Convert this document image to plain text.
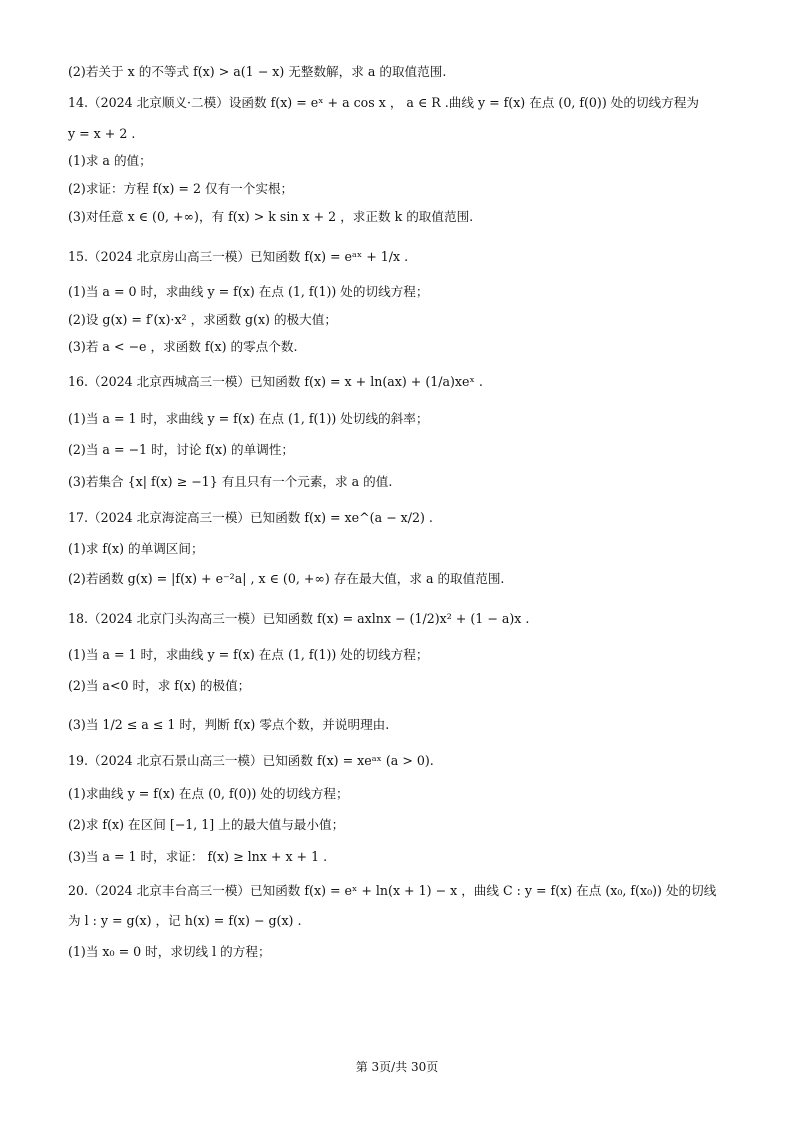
(2)若关于 x 的不等式 f(x) > a(1 − x) 无整数解，求 a 的取值范围.
14.（2024 北京顺义·二模）设函数 f(x) = eˣ + a cos x ， a ∈ R .曲线 y = f(x) 在点 (0, f(0)) 处的切线方程为
y = x + 2 .
(1)求 a 的值；
(2)求证：方程 f(x) = 2 仅有一个实根；
(3)对任意 x ∈ (0, +∞)，有 f(x) > k sin x + 2 ，求正数 k 的取值范围.
15.（2024 北京房山高三一模）已知函数 f(x) = eᵃˣ + 1/x .
(1)当 a = 0 时，求曲线 y = f(x) 在点 (1, f(1)) 处的切线方程；
(2)设 g(x) = f′(x)·x² ，求函数 g(x) 的极大值；
(3)若 a < −e ，求函数 f(x) 的零点个数.
16.（2024 北京西城高三一模）已知函数 f(x) = x + ln(ax) + (1/a)xeˣ .
(1)当 a = 1 时，求曲线 y = f(x) 在点 (1, f(1)) 处切线的斜率；
(2)当 a = −1 时，讨论 f(x) 的单调性；
(3)若集合 {x| f(x) ≥ −1} 有且只有一个元素，求 a 的值.
17.（2024 北京海淀高三一模）已知函数 f(x) = xe^(a − x/2) .
(1)求 f(x) 的单调区间；
(2)若函数 g(x) = |f(x) + e⁻²a| , x ∈ (0, +∞) 存在最大值，求 a 的取值范围.
18.（2024 北京门头沟高三一模）已知函数 f(x) = axlnx − (1/2)x² + (1 − a)x .
(1)当 a = 1 时，求曲线 y = f(x) 在点 (1, f(1)) 处的切线方程；
(2)当 a<0 时，求 f(x) 的极值；
(3)当 1/2 ≤ a ≤ 1 时，判断 f(x) 零点个数，并说明理由.
19.（2024 北京石景山高三一模）已知函数 f(x) = xeᵃˣ (a > 0).
(1)求曲线 y = f(x) 在点 (0, f(0)) 处的切线方程；
(2)求 f(x) 在区间 [−1, 1] 上的最大值与最小值；
(3)当 a = 1 时，求证： f(x) ≥ lnx + x + 1 .
20.（2024 北京丰台高三一模）已知函数 f(x) = eˣ + ln(x + 1) − x ，曲线 C : y = f(x) 在点 (x₀, f(x₀)) 处的切线
为 l : y = g(x) ，记 h(x) = f(x) − g(x) .
(1)当 x₀ = 0 时，求切线 l 的方程；
第 3页/共 30页
